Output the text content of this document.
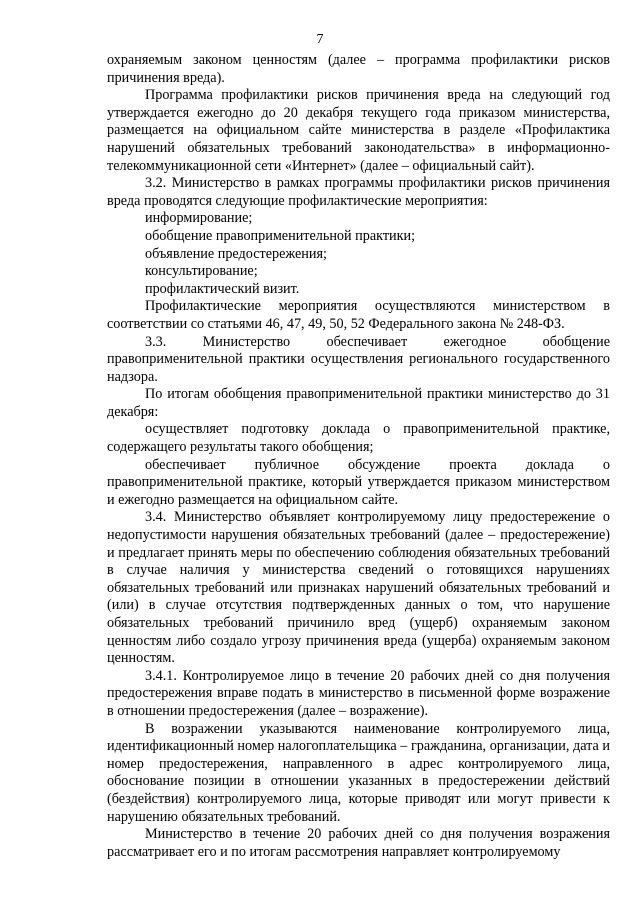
7

охраняемым законом ценностям (далее – программа профилактики рисков причинения вреда).

Программа профилактики рисков причинения вреда на следующий год утверждается ежегодно до 20 декабря текущего года приказом министерства, размещается на официальном сайте министерства в разделе «Профилактика нарушений обязательных требований законодательства» в информационно-телекоммуникационной сети «Интернет» (далее – официальный сайт).

3.2. Министерство в рамках программы профилактики рисков причинения вреда проводятся следующие профилактические мероприятия:

информирование;

обобщение правоприменительной практики;

объявление предостережения;

консультирование;

профилактический визит.

Профилактические мероприятия осуществляются министерством в соответствии со статьями 46, 47, 49, 50, 52 Федерального закона № 248-ФЗ.

3.3. Министерство обеспечивает ежегодное обобщение правоприменительной практики осуществления регионального государственного надзора.

По итогам обобщения правоприменительной практики министерство до 31 декабря:

осуществляет подготовку доклада о правоприменительной практике, содержащего результаты такого обобщения;

обеспечивает публичное обсуждение проекта доклада о правоприменительной практике, который утверждается приказом министерством и ежегодно размещается на официальном сайте.

3.4. Министерство объявляет контролируемому лицу предостережение о недопустимости нарушения обязательных требований (далее – предостережение) и предлагает принять меры по обеспечению соблюдения обязательных требований в случае наличия у министерства сведений о готовящихся нарушениях обязательных требований или признаках нарушений обязательных требований и (или) в случае отсутствия подтвержденных данных о том, что нарушение обязательных требований причинило вред (ущерб) охраняемым законом ценностям либо создало угрозу причинения вреда (ущерба) охраняемым законом ценностям.

3.4.1. Контролируемое лицо в течение 20 рабочих дней со дня получения предостережения вправе подать в министерство в письменной форме возражение в отношении предостережения (далее – возражение).

В возражении указываются наименование контролируемого лица, идентификационный номер налогоплательщика – гражданина, организации, дата и номер предостережения, направленного в адрес контролируемого лица, обоснование позиции в отношении указанных в предостережении действий (бездействия) контролируемого лица, которые приводят или могут привести к нарушению обязательных требований.

Министерство в течение 20 рабочих дней со дня получения возражения рассматривает его и по итогам рассмотрения направляет контролируемому
